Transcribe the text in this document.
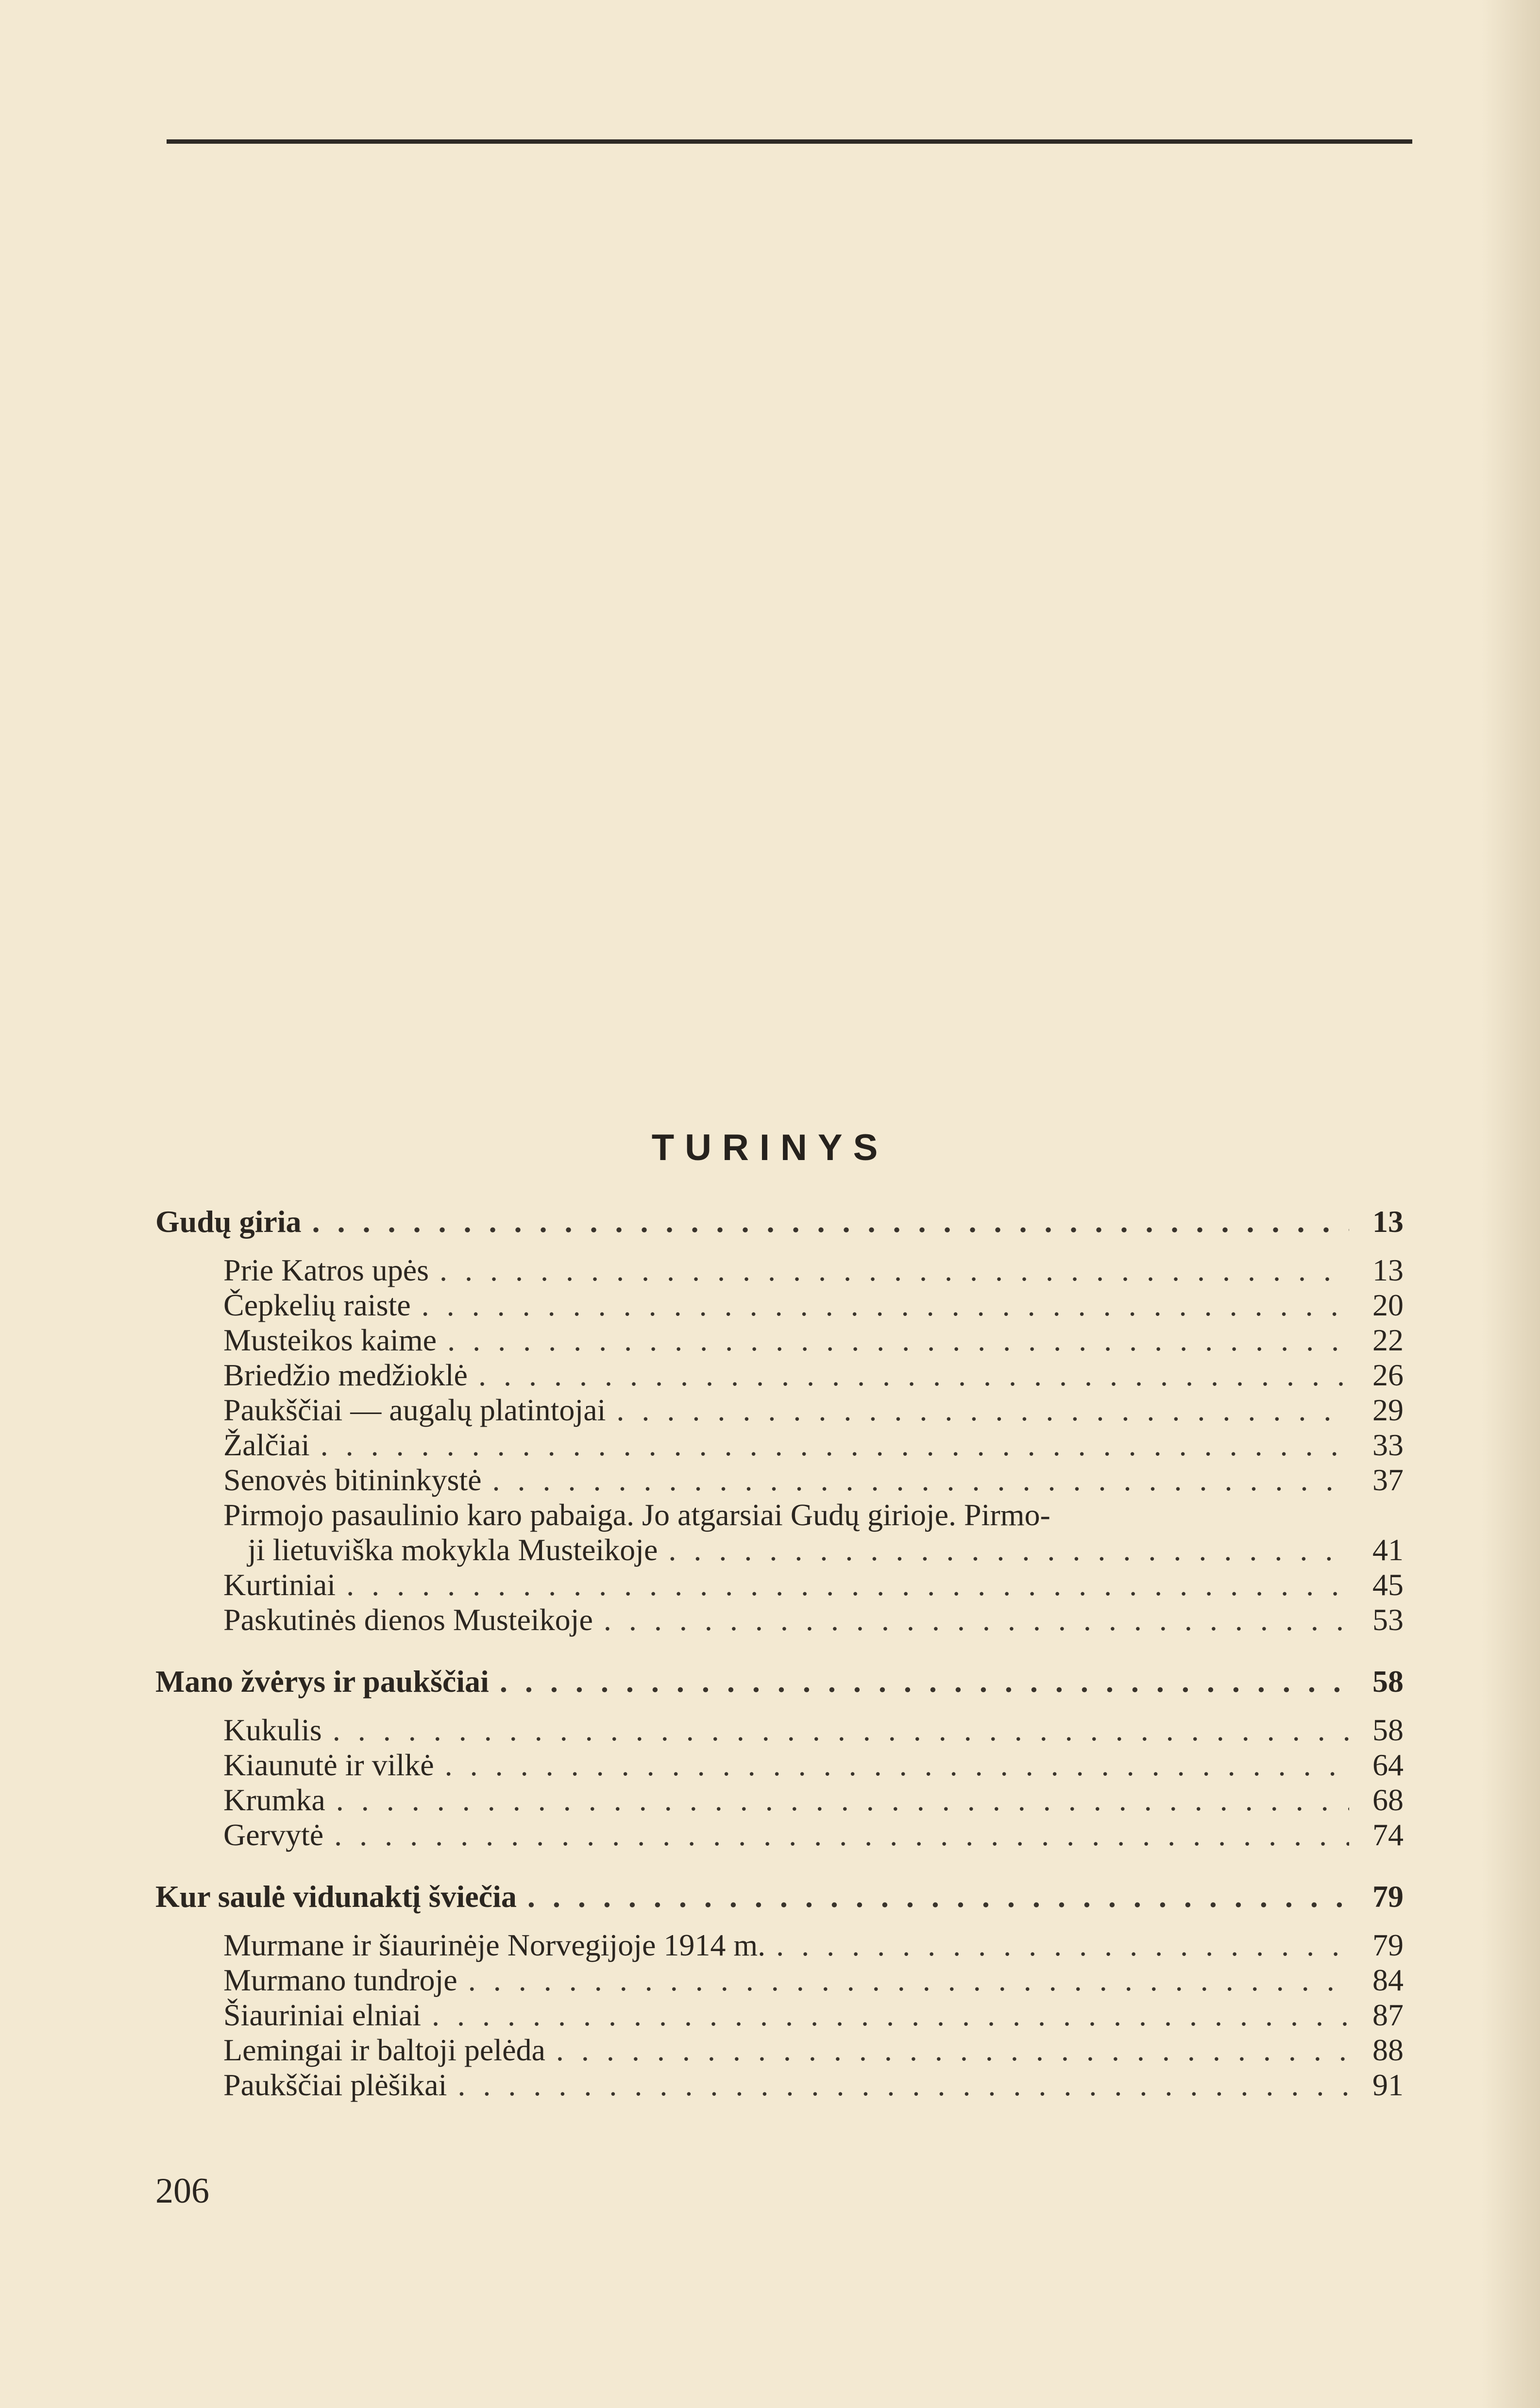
TURINYS
Gudų giria . . .	13
Prie Katros upės . . .	13
Čepkelių raiste . . .	20
Musteikos kaime . . .	22
Briedžio medžioklė . . .	26
Paukščiai — augalų platintojai . . .	29
Žalčiai . . .	33
Senovės bitininkystė . . .	37
Pirmojo pasaulinio karo pabaiga. Jo atgarsiai Gudų girioje. Pirmo-
ji lietuviška mokykla Musteikoje . . .	41
Kurtiniai . . .	45
Paskutinės dienos Musteikoje . . .	53
Mano žvėrys ir paukščiai . . .	58
Kukulis . . .	58
Kiaunutė ir vilkė . . .	64
Krumka . . .	68
Gervytė . . .	74
Kur saulė vidunaktį šviečia . . .	79
Murmane ir šiaurinėje Norvegijoje 1914 m. . . .	79
Murmano tundroje . . .	84
Šiauriniai elniai . . .	87
Lemingai ir baltoji pelėda . . .	88
Paukščiai plėšikai . . .	91
206
